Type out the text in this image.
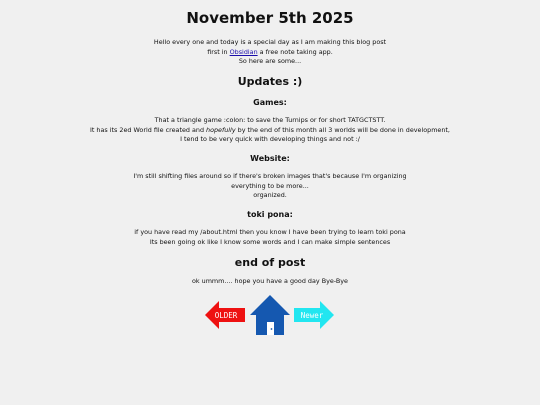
November 5th 2025

Hello every one and today is a special day as I am making this blog post
first in Obsidian a free note taking app.
So here are some...

Updates :)
Games:

That a triangle game :colon: to save the Turnips or for short TATGCTSTT.
It has its 2ed World file created and hopefully by the end of this month all 3 worlds will be done in development,
I tend to be very quick with developing things and not :/

Website:

I'm still shifting files around so if there's broken images that's because I'm organizing
everything to be more...
organized.

toki pona:

if you have read my /about.html then you know I have been trying to learn toki pona
Its been going ok like I know some words and I can make simple sentences

end of post

ok ummm.... hope you have a good day Bye-Bye

OLDER	Newer
